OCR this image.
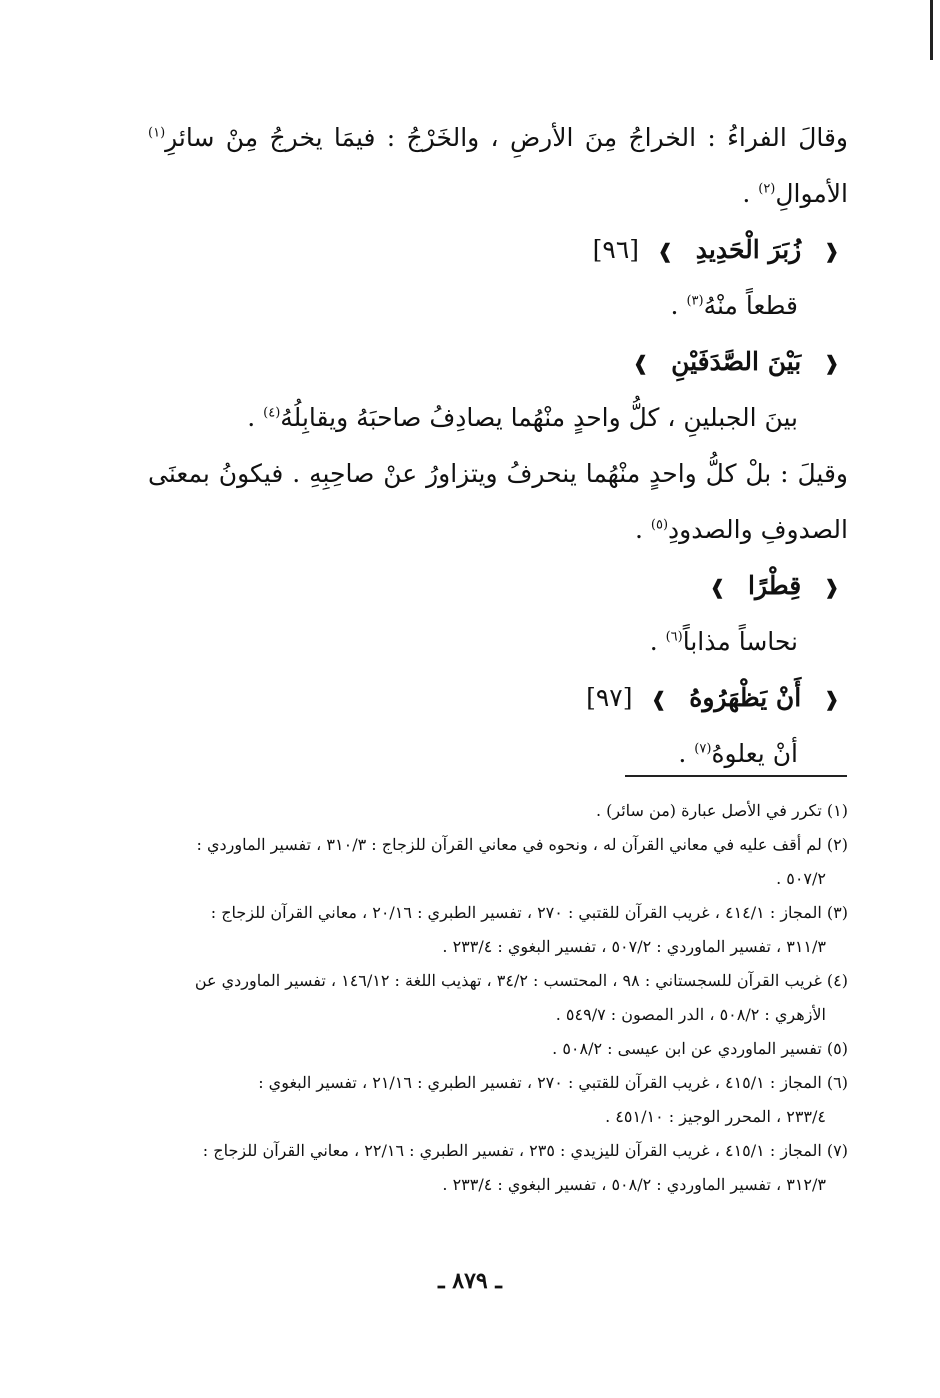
وقالَ الفراءُ : الخراجُ مِنَ الأرضِ ، والخَرْجُ : فيمَا يخرجُ مِنْ سائرِ$^{(١)}$
الأموالِ$^{(٢)}$ .
❰زُبَرَ الْحَدِيدِ❱[٩٦]
قطعاً منْهُ$^{(٣)}$ .
❰بَيْنَ الصَّدَفَيْنِ❱
بينَ الجبلينِ ، كلُّ واحدٍ منْهُما يصادِفُ صاحبَهُ ويقابِلُهُ$^{(٤)}$ .
وقيلَ : بلْ كلُّ واحدٍ منْهُما ينحرفُ ويتزاورُ عنْ صاحِبِهِ . فيكونُ بمعنَى
الصدوفِ والصدودِ$^{(٥)}$ .
❰قِطْرًا❱
نحاساً مذاباً$^{(٦)}$ .
❰أَنْ يَظْهَرُوهُ❱[٩٧]
أنْ يعلوهُ$^{(٧)}$ .
(١) تكرر في الأصل عبارة (من سائر) .
(٢) لم أقف عليه في معاني القرآن له ، ونحوه في معاني القرآن للزجاج : ٣١٠/٣ ، تفسير الماوردي :
٥٠٧/٢ .
(٣) المجاز : ٤١٤/١ ، غريب القرآن للقتبي : ٢٧٠ ، تفسير الطبري : ٢٠/١٦ ، معاني القرآن للزجاج :
٣١١/٣ ، تفسير الماوردي : ٥٠٧/٢ ، تفسير البغوي : ٢٣٣/٤ .
(٤) غريب القرآن للسجستاني : ٩٨ ، المحتسب : ٣٤/٢ ، تهذيب اللغة : ١٤٦/١٢ ، تفسير الماوردي عن
الأزهري : ٥٠٨/٢ ، الدر المصون : ٥٤٩/٧ .
(٥) تفسير الماوردي عن ابن عيسى : ٥٠٨/٢ .
(٦) المجاز : ٤١٥/١ ، غريب القرآن للقتبي : ٢٧٠ ، تفسير الطبري : ٢١/١٦ ، تفسير البغوي :
٢٣٣/٤ ، المحرر الوجيز : ٤٥١/١٠ .
(٧) المجاز : ٤١٥/١ ، غريب القرآن لليزيدي : ٢٣٥ ، تفسير الطبري : ٢٢/١٦ ، معاني القرآن للزجاج :
٣١٢/٣ ، تفسير الماوردي : ٥٠٨/٢ ، تفسير البغوي : ٢٣٣/٤ .
ـ ٨٧٩ ـ
